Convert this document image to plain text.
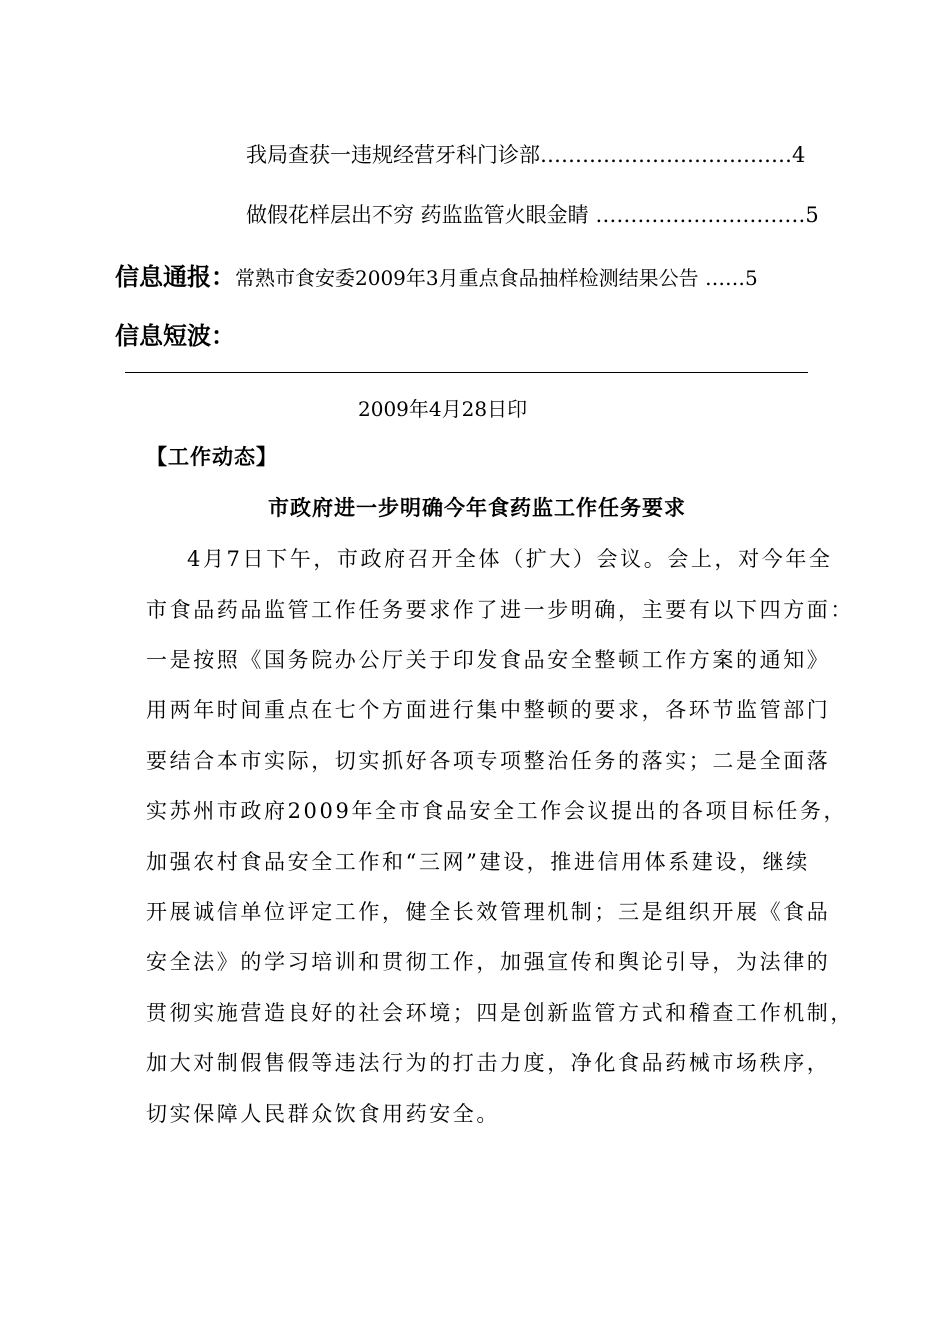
我局查获一违规经营牙科门诊部………………………………4
做假花样层出不穷 药监监管火眼金睛 …………………………5
信息通报：常熟市食安委2009年3月重点食品抽样检测结果公告 ……5
信息短波：
2009年4月28日印
【工作动态】
市政府进一步明确今年食药监工作任务要求
4月7日下午，市政府召开全体（扩大）会议。会上，对今年全
市食品药品监管工作任务要求作了进一步明确，主要有以下四方面：
一是按照《国务院办公厅关于印发食品安全整顿工作方案的通知》
用两年时间重点在七个方面进行集中整顿的要求，各环节监管部门
要结合本市实际，切实抓好各项专项整治任务的落实；二是全面落
实苏州市政府2009年全市食品安全工作会议提出的各项目标任务，
加强农村食品安全工作和“三网”建设，推进信用体系建设，继续
开展诚信单位评定工作，健全长效管理机制；三是组织开展《食品
安全法》的学习培训和贯彻工作，加强宣传和舆论引导，为法律的
贯彻实施营造良好的社会环境；四是创新监管方式和稽查工作机制，
加大对制假售假等违法行为的打击力度，净化食品药械市场秩序，
切实保障人民群众饮食用药安全。
